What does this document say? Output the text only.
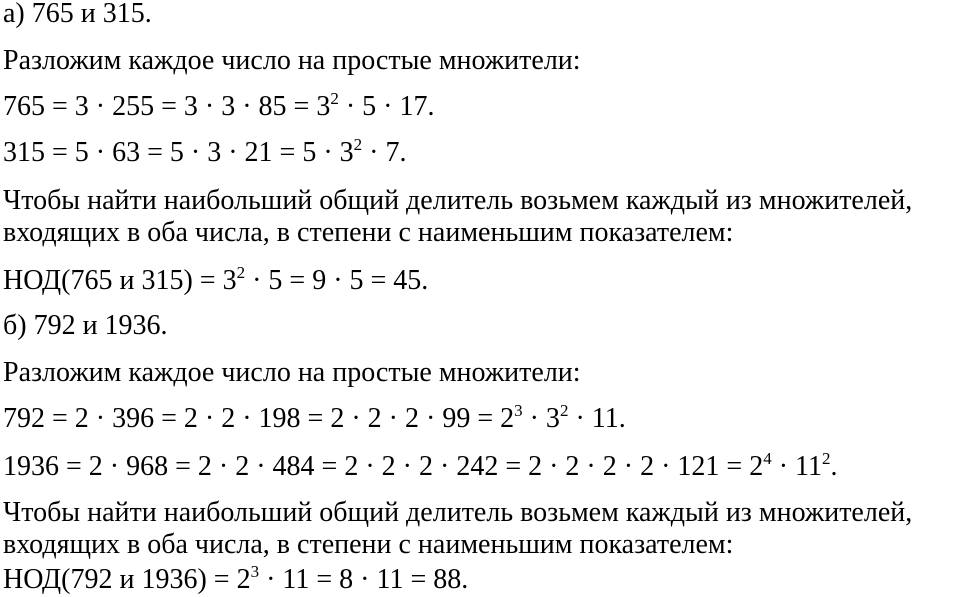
а) 765 и 315.
Разложим каждое число на простые множители:
$765 = 3 \cdot 255 = 3 \cdot 3 \cdot 85 = 3^2 \cdot 5 \cdot 17$.
$315 = 5 \cdot 63 = 5 \cdot 3 \cdot 21 = 5 \cdot 3^2 \cdot 7$.
Чтобы найти наибольший общий делитель возьмем каждый из множителей, входящих в оба числа, в степени с наименьшим показателем:
НОД(765 и $315) = 3^2 \cdot 5 = 9 \cdot 5 = 45$.
б) 792 и 1936.
Разложим каждое число на простые множители:
$792 = 2 \cdot 396 = 2 \cdot 2 \cdot 198 = 2 \cdot 2 \cdot 2 \cdot 99 = 2^3 \cdot 3^2 \cdot 11$.
$1936 = 2 \cdot 968 = 2 \cdot 2 \cdot 484 = 2 \cdot 2 \cdot 2 \cdot 242 = 2 \cdot 2 \cdot 2 \cdot 2 \cdot 121 = 2^4 \cdot 11^2$.
Чтобы найти наибольший общий делитель возьмем каждый из множителей, входящих в оба числа, в степени с наименьшим показателем:
НОД(792 и $1936) = 2^3 \cdot 11 = 8 \cdot 11 = 88$.
